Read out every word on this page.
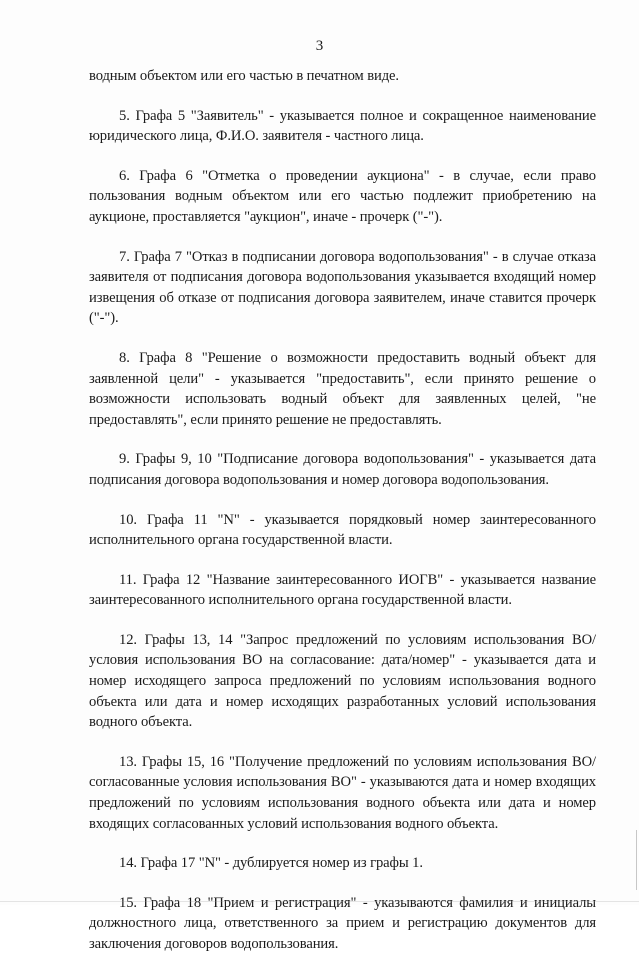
3

водным объектом или его частью в печатном виде.

5. Графа 5 "Заявитель" - указывается полное и сокращенное наименование юридического лица, Ф.И.О. заявителя - частного лица.

6. Графа 6 "Отметка о проведении аукциона" - в случае, если право пользования водным объектом или его частью подлежит приобретению на аукционе, проставляется "аукцион", иначе - прочерк ("-").

7. Графа 7 "Отказ в подписании договора водопользования" - в случае отказа заявителя от подписания договора водопользования указывается входящий номер извещения об отказе от подписания договора заявителем, иначе ставится прочерк ("-").

8. Графа 8 "Решение о возможности предоставить водный объект для заявленной цели" - указывается "предоставить", если принято решение о возможности использовать водный объект для заявленных целей, "не предоставлять", если принято решение не предоставлять.

9. Графы 9, 10 "Подписание договора водопользования" - указывается дата подписания договора водопользования и номер договора водопользования.

10. Графа 11 "N" - указывается порядковый номер заинтересованного исполнительного органа государственной власти.

11. Графа 12 "Название заинтересованного ИОГВ" - указывается название заинтересованного исполнительного органа государственной власти.

12. Графы 13, 14 "Запрос предложений по условиям использования ВО/условия использования ВО на согласование: дата/номер" - указывается дата и номер исходящего запроса предложений по условиям использования водного объекта или дата и номер исходящих разработанных условий использования водного объекта.

13. Графы 15, 16 "Получение предложений по условиям использования ВО/согласованные условия использования ВО" - указываются дата и номер входящих предложений по условиям использования водного объекта или дата и номер входящих согласованных условий использования водного объекта.

14. Графа 17 "N" - дублируется номер из графы 1.

15. Графа 18 "Прием и регистрация" - указываются фамилия и инициалы должностного лица, ответственного за прием и регистрацию документов для заключения договоров водопользования.
